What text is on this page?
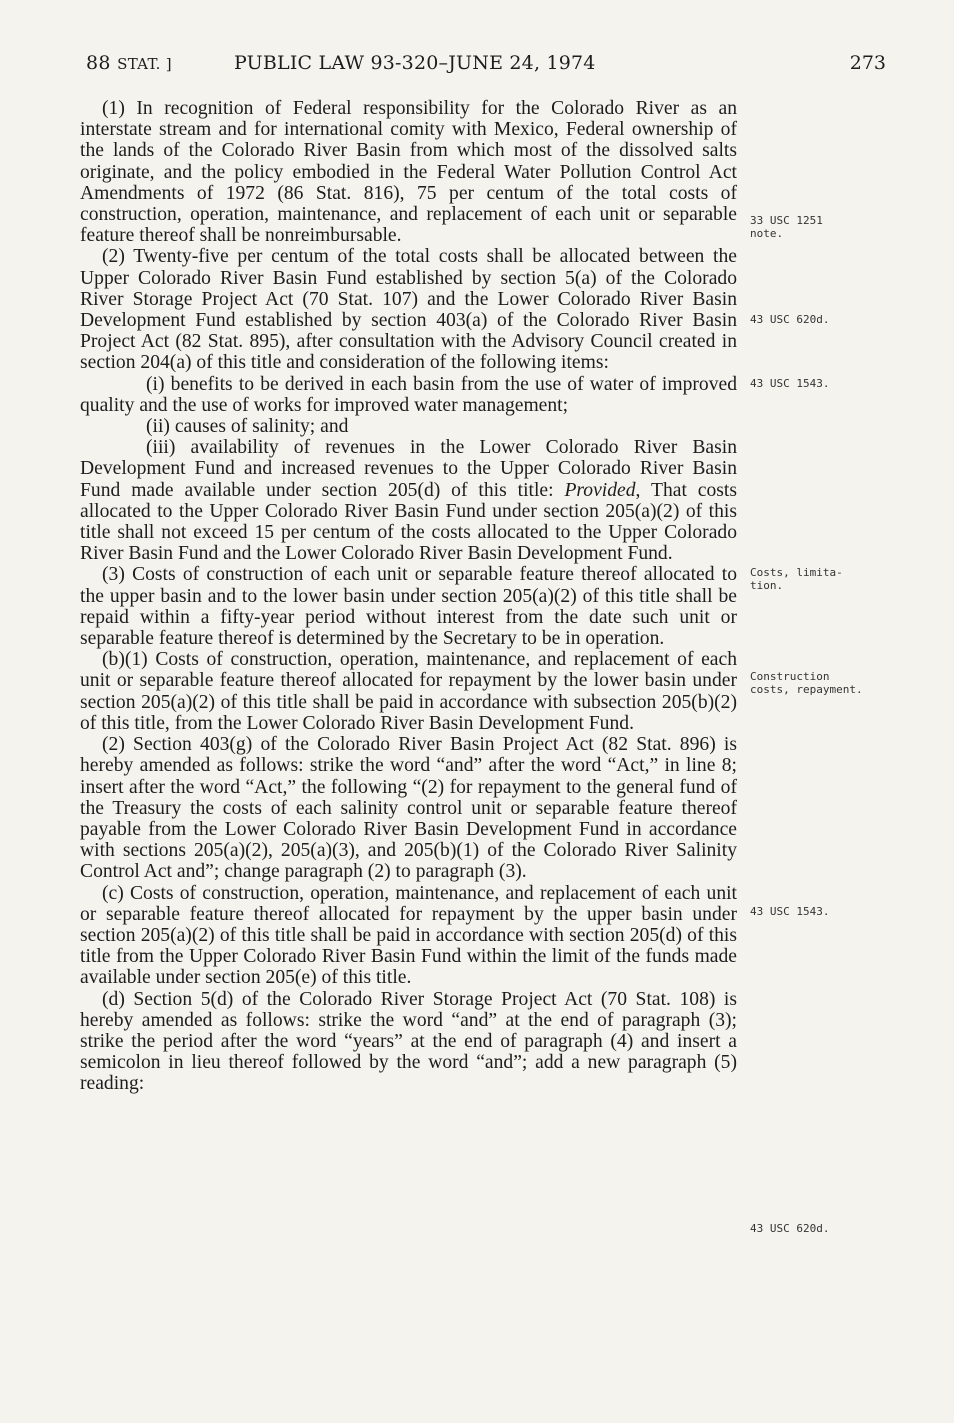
88 STAT. ]	PUBLIC LAW 93-320–JUNE 24, 1974	273

(1) In recognition of Federal responsibility for the Colorado River as an interstate stream and for international comity with Mexico, Federal ownership of the lands of the Colorado River Basin from which most of the dissolved salts originate, and the policy embodied in the Federal Water Pollution Control Act Amendments of 1972 (86 Stat. 816), 75 per centum of the total costs of construction, operation, maintenance, and replacement of each unit or separable feature thereof shall be nonreimbursable.

(2) Twenty-five per centum of the total costs shall be allocated between the Upper Colorado River Basin Fund established by section 5(a) of the Colorado River Storage Project Act (70 Stat. 107) and the Lower Colorado River Basin Development Fund established by section 403(a) of the Colorado River Basin Project Act (82 Stat. 895), after consultation with the Advisory Council created in section 204(a) of this title and consideration of the following items:

(i) benefits to be derived in each basin from the use of water of improved quality and the use of works for improved water management;

(ii) causes of salinity; and

(iii) availability of revenues in the Lower Colorado River Basin Development Fund and increased revenues to the Upper Colorado River Basin Fund made available under section 205(d) of this title: Provided, That costs allocated to the Upper Colorado River Basin Fund under section 205(a)(2) of this title shall not exceed 15 per centum of the costs allocated to the Upper Colorado River Basin Fund and the Lower Colorado River Basin Development Fund.

(3) Costs of construction of each unit or separable feature thereof allocated to the upper basin and to the lower basin under section 205(a)(2) of this title shall be repaid within a fifty-year period without interest from the date such unit or separable feature thereof is determined by the Secretary to be in operation.

(b)(1) Costs of construction, operation, maintenance, and replacement of each unit or separable feature thereof allocated for repayment by the lower basin under section 205(a)(2) of this title shall be paid in accordance with subsection 205(b)(2) of this title, from the Lower Colorado River Basin Development Fund.

(2) Section 403(g) of the Colorado River Basin Project Act (82 Stat. 896) is hereby amended as follows: strike the word “and” after the word “Act,” in line 8; insert after the word “Act,” the following “(2) for repayment to the general fund of the Treasury the costs of each salinity control unit or separable feature thereof payable from the Lower Colorado River Basin Development Fund in accordance with sections 205(a)(2), 205(a)(3), and 205(b)(1) of the Colorado River Salinity Control Act and”; change paragraph (2) to paragraph (3).

(c) Costs of construction, operation, maintenance, and replacement of each unit or separable feature thereof allocated for repayment by the upper basin under section 205(a)(2) of this title shall be paid in accordance with section 205(d) of this title from the Upper Colorado River Basin Fund within the limit of the funds made available under section 205(e) of this title.

(d) Section 5(d) of the Colorado River Storage Project Act (70 Stat. 108) is hereby amended as follows: strike the word “and” at the end of paragraph (3); strike the period after the word “years” at the end of paragraph (4) and insert a semicolon in lieu thereof followed by the word “and”; add a new paragraph (5) reading:

33 USC 1251
note.
43 USC 620d.
43 USC 1543.
Costs, limita-
tion.
Construction
costs, repayment.
43 USC 1543.
43 USC 620d.
